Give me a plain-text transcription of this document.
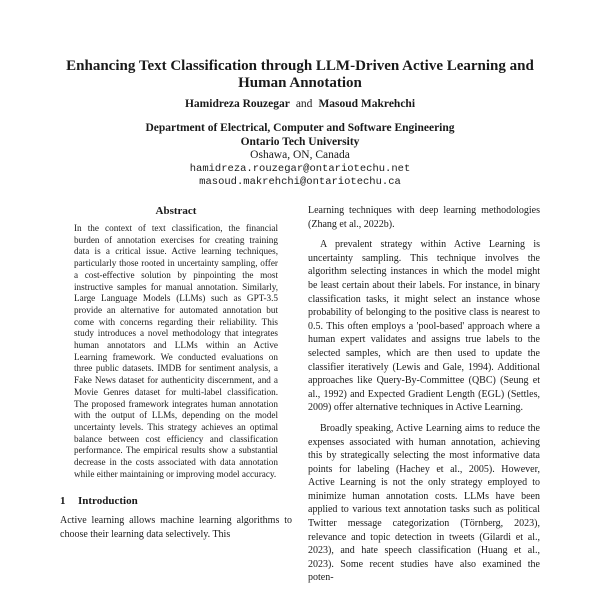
Enhancing Text Classification through LLM-Driven Active Learning and Human Annotation
Hamidreza Rouzegar and Masoud Makrehchi
Department of Electrical, Computer and Software Engineering
Ontario Tech University
Oshawa, ON, Canada
hamidreza.rouzegar@ontariotechu.net
masoud.makrehchi@ontariotechu.ca
Abstract

In the context of text classification, the financial burden of annotation exercises for creating training data is a critical issue. Active learning techniques, particularly those rooted in uncertainty sampling, offer a cost-effective solution by pinpointing the most instructive samples for manual annotation. Similarly, Large Language Models (LLMs) such as GPT-3.5 provide an alternative for automated annotation but come with concerns regarding their reliability. This study introduces a novel methodology that integrates human annotators and LLMs within an Active Learning framework. We conducted evaluations on three public datasets. IMDB for sentiment analysis, a Fake News dataset for authenticity discernment, and a Movie Genres dataset for multi-label classification. The proposed framework integrates human annotation with the output of LLMs, depending on the model uncertainty levels. This strategy achieves an optimal balance between cost efficiency and classification performance. The empirical results show a substantial decrease in the costs associated with data annotation while either maintaining or improving model accuracy.

1 Introduction

Active learning allows machine learning algorithms to choose their learning data selectively. This

Learning techniques with deep learning methodologies (Zhang et al., 2022b).

A prevalent strategy within Active Learning is uncertainty sampling. This technique involves the algorithm selecting instances in which the model might be least certain about their labels. For instance, in binary classification tasks, it might select an instance whose probability of belonging to the positive class is nearest to 0.5. This often employs a 'pool-based' approach where a human expert validates and assigns true labels to the selected samples, which are then used to update the classifier iteratively (Lewis and Gale, 1994). Additional approaches like Query-By-Committee (QBC) (Seung et al., 1992) and Expected Gradient Length (EGL) (Settles, 2009) offer alternative techniques in Active Learning.

Broadly speaking, Active Learning aims to reduce the expenses associated with human annotation, achieving this by strategically selecting the most informative data points for labeling (Hachey et al., 2005). However, Active Learning is not the only strategy employed to minimize human annotation costs. LLMs have been applied to various text annotation tasks such as political Twitter message categorization (Törnberg, 2023), relevance and topic detection in tweets (Gilardi et al., 2023), and hate speech classification (Huang et al., 2023). Some recent studies have also examined the poten-
